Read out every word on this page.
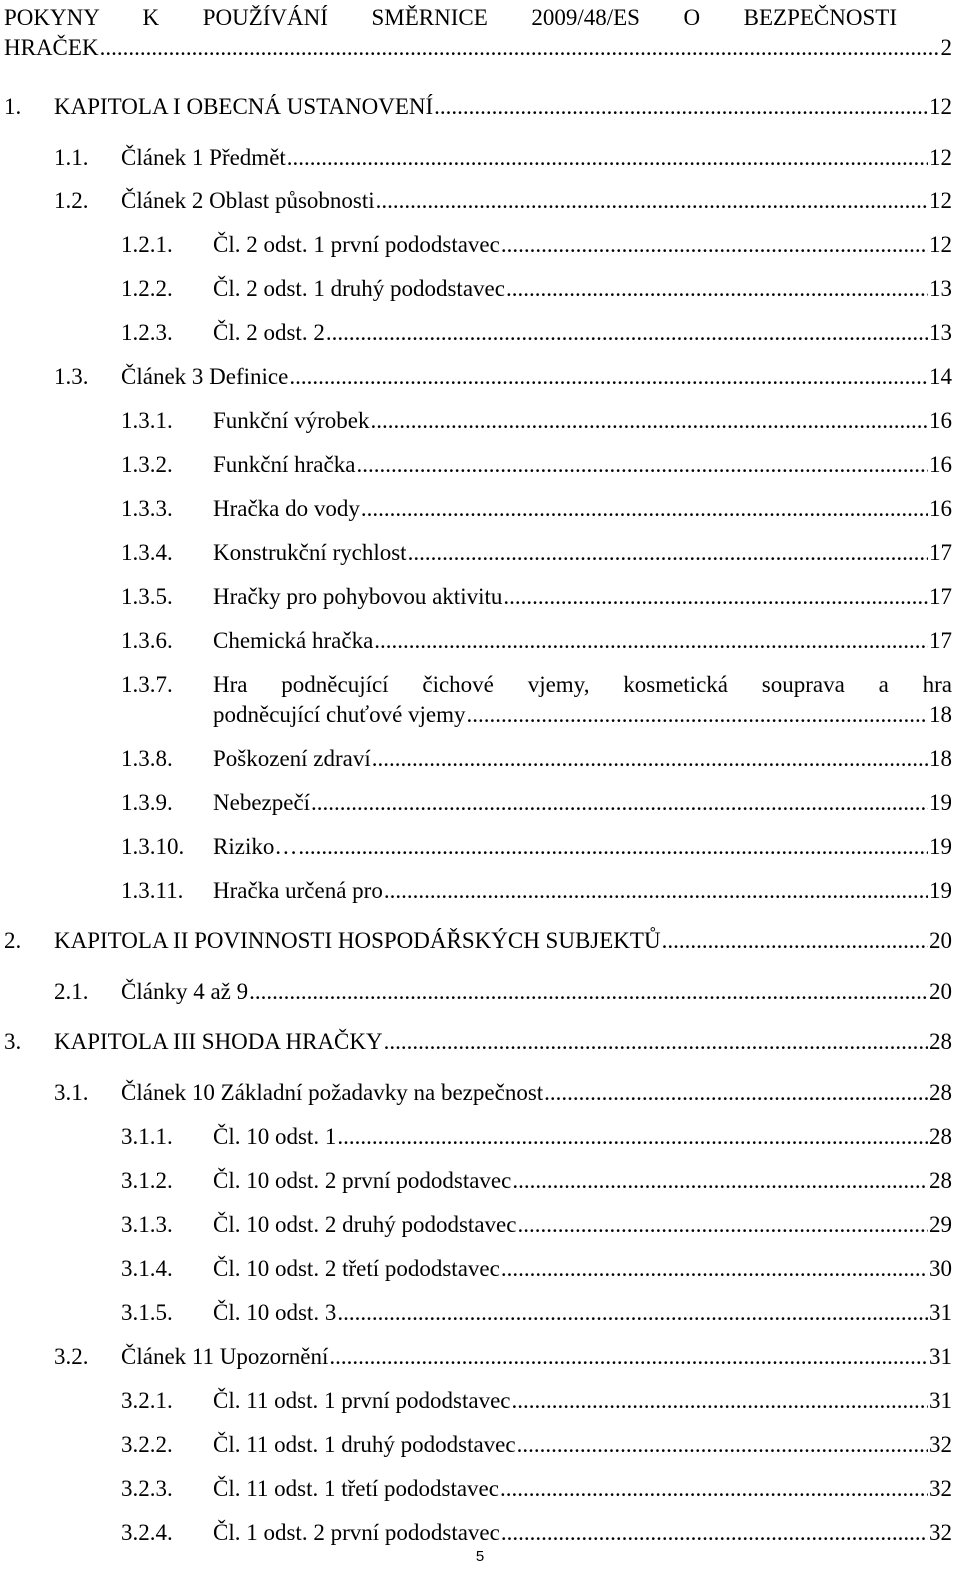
POKYNY K POUŽÍVÁNÍ SMĚRNICE 2009/48/ES O BEZPEČNOSTI
HRAČEK .....	2
1. KAPITOLA I OBECNÁ USTANOVENÍ .....	12
1.1. Článek 1 Předmět .....	12
1.2. Článek 2 Oblast působnosti .....	12
1.2.1. Čl. 2 odst. 1 první pododstavec .....	12
1.2.2. Čl. 2 odst. 1 druhý pododstavec .....	13
1.2.3. Čl. 2 odst. 2 .....	13
1.3. Článek 3 Definice .....	14
1.3.1. Funkční výrobek .....	16
1.3.2. Funkční hračka .....	16
1.3.3. Hračka do vody .....	16
1.3.4. Konstrukční rychlost .....	17
1.3.5. Hračky pro pohybovou aktivitu .....	17
1.3.6. Chemická hračka .....	17
1.3.7. Hra podněcující čichové vjemy, kosmetická souprava a hra
podněcující chuťové vjemy .....	18
1.3.8. Poškození zdraví .....	18
1.3.9. Nebezpečí .....	19
1.3.10. Riziko… .....	19
1.3.11. Hračka určená pro .....	19
2. KAPITOLA II POVINNOSTI HOSPODÁŘSKÝCH SUBJEKTŮ .....	20
2.1. Články 4 až 9 .....	20
3. KAPITOLA III SHODA HRAČKY .....	28
3.1. Článek 10 Základní požadavky na bezpečnost .....	28
3.1.1. Čl. 10 odst. 1 .....	28
3.1.2. Čl. 10 odst. 2 první pododstavec .....	28
3.1.3. Čl. 10 odst. 2 druhý pododstavec .....	29
3.1.4. Čl. 10 odst. 2 třetí pododstavec .....	30
3.1.5. Čl. 10 odst. 3 .....	31
3.2. Článek 11 Upozornění .....	31
3.2.1. Čl. 11 odst. 1 první pododstavec .....	31
3.2.2. Čl. 11 odst. 1 druhý pododstavec .....	32
3.2.3. Čl. 11 odst. 1 třetí pododstavec .....	32
3.2.4. Čl. 1 odst. 2 první pododstavec .....	32
5
